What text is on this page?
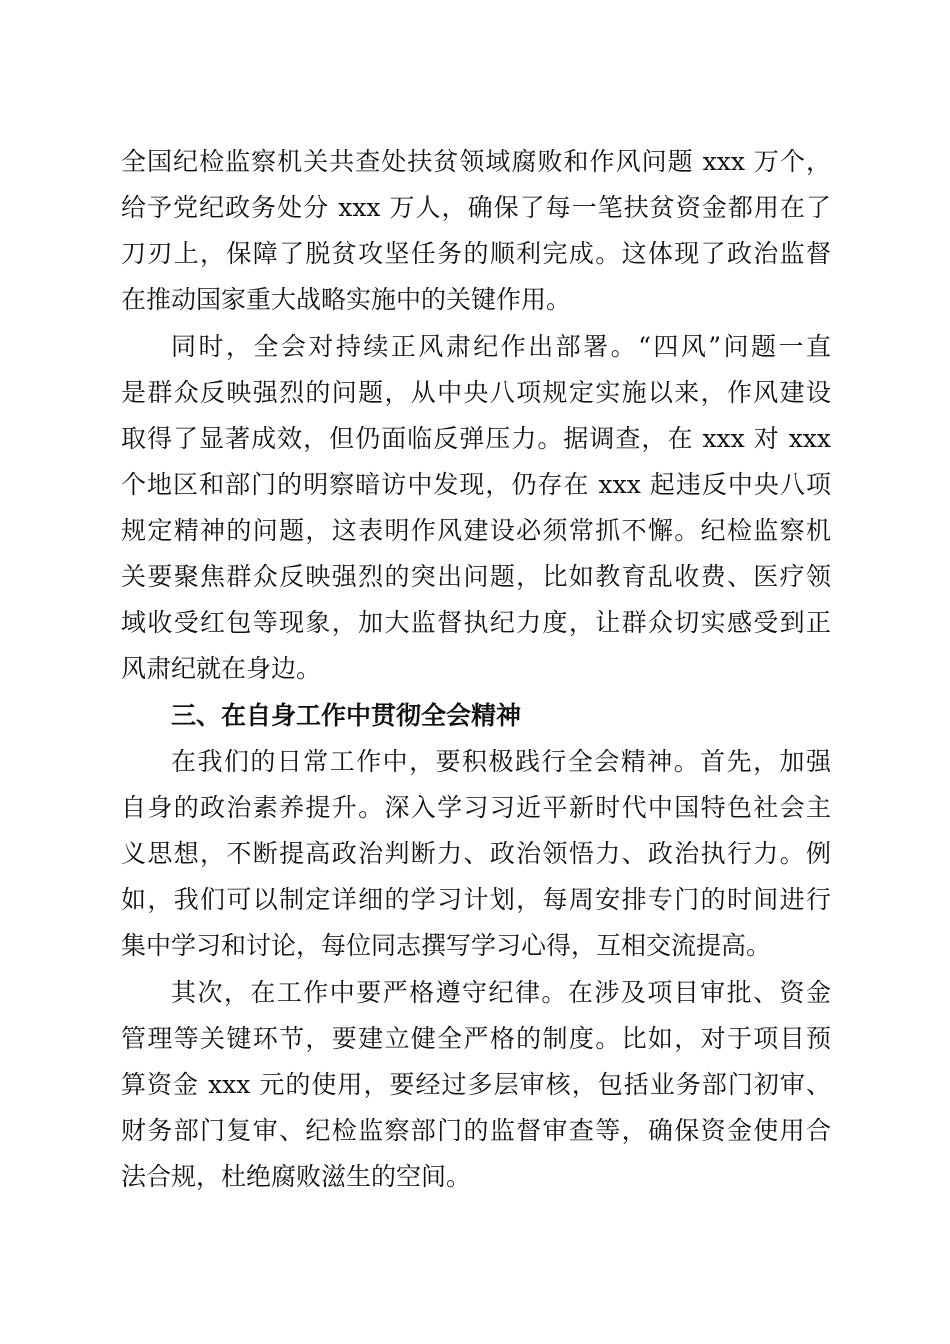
全国纪检监察机关共查处扶贫领域腐败和作风问题 xxx 万个，
给予党纪政务处分 xxx 万人，确保了每一笔扶贫资金都用在了
刀刃上，保障了脱贫攻坚任务的顺利完成。这体现了政治监督
在推动国家重大战略实施中的关键作用。
同时，全会对持续正风肃纪作出部署。“四风”问题一直
是群众反映强烈的问题，从中央八项规定实施以来，作风建设
取得了显著成效，但仍面临反弹压力。据调查，在 xxx 对 xxx
个地区和部门的明察暗访中发现，仍存在 xxx 起违反中央八项
规定精神的问题，这表明作风建设必须常抓不懈。纪检监察机
关要聚焦群众反映强烈的突出问题，比如教育乱收费、医疗领
域收受红包等现象，加大监督执纪力度，让群众切实感受到正
风肃纪就在身边。
三、在自身工作中贯彻全会精神
在我们的日常工作中，要积极践行全会精神。首先，加强
自身的政治素养提升。深入学习习近平新时代中国特色社会主
义思想，不断提高政治判断力、政治领悟力、政治执行力。例
如，我们可以制定详细的学习计划，每周安排专门的时间进行
集中学习和讨论，每位同志撰写学习心得，互相交流提高。
其次，在工作中要严格遵守纪律。在涉及项目审批、资金
管理等关键环节，要建立健全严格的制度。比如，对于项目预
算资金 xxx 元的使用，要经过多层审核，包括业务部门初审、
财务部门复审、纪检监察部门的监督审查等，确保资金使用合
法合规，杜绝腐败滋生的空间。
